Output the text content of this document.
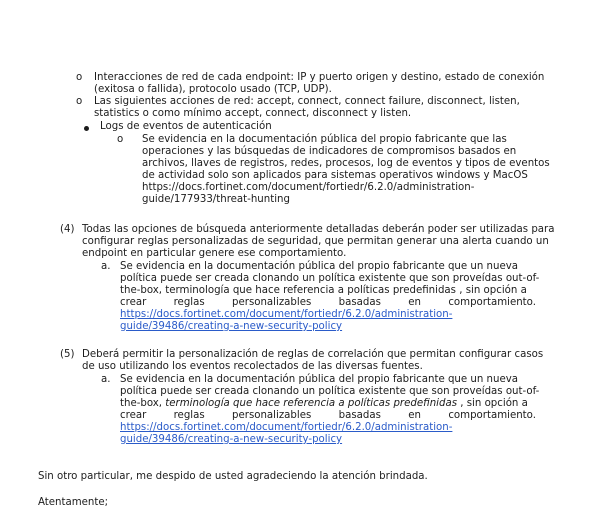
o Interacciones de red de cada endpoint: IP y puerto origen y destino, estado de conexión
(exitosa o fallida), protocolo usado (TCP, UDP).
o Las siguientes acciones de red: accept, connect, connect failure, disconnect, listen,
statistics o como mínimo accept, connect, disconnect y listen.
Logs de eventos de autenticación
o Se evidencia en la documentación pública del propio fabricante que las
operaciones y las búsquedas de indicadores de compromisos basados en
archivos, llaves de registros, redes, procesos, log de eventos y tipos de eventos
de actividad solo son aplicados para sistemas operativos windows y MacOS
https://docs.fortinet.com/document/fortiedr/6.2.0/administration-
guide/177933/threat-hunting
(4) Todas las opciones de búsqueda anteriormente detalladas deberán poder ser utilizadas para
configurar reglas personalizadas de seguridad, que permitan generar una alerta cuando un
endpoint en particular genere ese comportamiento.
a. Se evidencia en la documentación pública del propio fabricante que un nueva
política puede ser creada clonando un política existente que son proveídas out-of-
the-box, terminología que hace referencia a políticas predefinidas , sin opción a
crear	reglas	personalizables	basadas	en	comportamiento.
https://docs.fortinet.com/document/fortiedr/6.2.0/administration-
guide/39486/creating-a-new-security-policy
(5) Deberá permitir la personalización de reglas de correlación que permitan configurar casos
de uso utilizando los eventos recolectados de las diversas fuentes.
a. Se evidencia en la documentación pública del propio fabricante que un nueva
política puede ser creada clonando un política existente que son proveídas out-of-
the-box, terminología que hace referencia a políticas predefinidas , sin opción a
crear	reglas	personalizables	basadas	en	comportamiento.
https://docs.fortinet.com/document/fortiedr/6.2.0/administration-
guide/39486/creating-a-new-security-policy
Sin otro particular, me despido de usted agradeciendo la atención brindada.
Atentamente;
